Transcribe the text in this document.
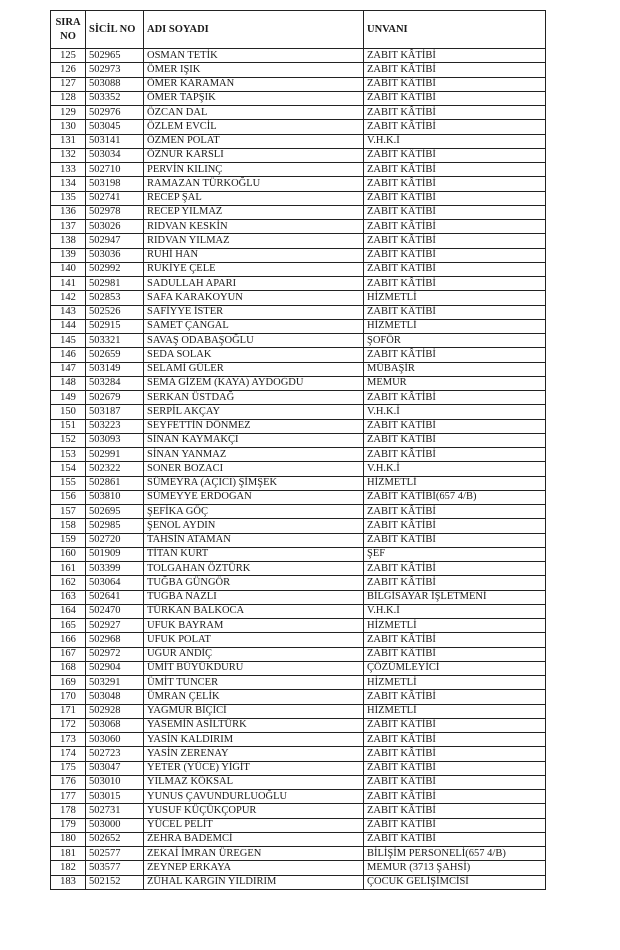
SIRA
NO	SİCİL NO	ADI SOYADI	UNVANI
125	502965	OSMAN TETİK	ZABIT KÂTİBİ
126	502973	ÖMER IŞIK	ZABIT KÂTİBİ
127	503088	ÖMER KARAMAN	ZABIT KÂTİBİ
128	503352	ÖMER TAPŞIK	ZABIT KÂTİBİ
129	502976	ÖZCAN DAL	ZABIT KÂTİBİ
130	503045	ÖZLEM EVCİL	ZABIT KÂTİBİ
131	503141	ÖZMEN POLAT	V.H.K.İ
132	503034	ÖZNUR KARSLI	ZABIT KÂTİBİ
133	502710	PERVİN KILINÇ	ZABIT KÂTİBİ
134	503198	RAMAZAN TÜRKOĞLU	ZABIT KÂTİBİ
135	502741	RECEP ŞAL	ZABIT KÂTİBİ
136	502978	RECEP YILMAZ	ZABIT KÂTİBİ
137	503026	RIDVAN KESKİN	ZABIT KÂTİBİ
138	502947	RIDVAN YILMAZ	ZABIT KÂTİBİ
139	503036	RUHİ HAN	ZABIT KÂTİBİ
140	502992	RUKİYE ÇELE	ZABIT KÂTİBİ
141	502981	SADULLAH APARI	ZABIT KÂTİBİ
142	502853	SAFA KARAKOYUN	HİZMETLİ
143	502526	SAFİYYE İSTER	ZABIT KÂTİBİ
144	502915	SAMET ÇANGAL	HİZMETLİ
145	503321	SAVAŞ ODABAŞOĞLU	ŞOFÖR
146	502659	SEDA SOLAK	ZABIT KÂTİBİ
147	503149	SELAMİ GÜLER	MÜBAŞİR
148	503284	SEMA GİZEM (KAYA) AYDOĞDU	MEMUR
149	502679	SERKAN ÜSTDAĞ	ZABIT KÂTİBİ
150	503187	SERPİL AKÇAY	V.H.K.İ
151	503223	SEYFETTİN DÖNMEZ	ZABIT KÂTİBİ
152	503093	SİNAN KAYMAKÇI	ZABIT KÂTİBİ
153	502991	SİNAN YANMAZ	ZABIT KÂTİBİ
154	502322	SONER BOZACI	V.H.K.İ
155	502861	SÜMEYRA (AÇICI) ŞİMŞEK	HİZMETLİ
156	503810	SÜMEYYE ERDOĞAN	ZABIT KÂTİBİ(657 4/B)
157	502695	ŞEFİKA GÖÇ	ZABIT KÂTİBİ
158	502985	ŞENOL AYDIN	ZABIT KÂTİBİ
159	502720	TAHSİN ATAMAN	ZABIT KÂTİBİ
160	501909	TİTAN KURT	ŞEF
161	503399	TOLGAHAN ÖZTÜRK	ZABIT KÂTİBİ
162	503064	TUĞBA GÜNGÖR	ZABIT KÂTİBİ
163	502641	TUĞBA NAZLI	BİLGİSAYAR İŞLETMENİ
164	502470	TÜRKAN BALKOCA	V.H.K.İ
165	502927	UFUK BAYRAM	HİZMETLİ
166	502968	UFUK POLAT	ZABIT KÂTİBİ
167	502972	UĞUR ANDİÇ	ZABIT KÂTİBİ
168	502904	ÜMİT BÜYÜKDURU	ÇÖZÜMLEYİCİ
169	503291	ÜMİT TUNCER	HİZMETLİ
170	503048	ÜMRAN ÇELİK	ZABIT KÂTİBİ
171	502928	YAĞMUR BİÇİCİ	HİZMETLİ
172	503068	YASEMİN ASİLTÜRK	ZABIT KÂTİBİ
173	503060	YASİN KALDIRIM	ZABIT KÂTİBİ
174	502723	YASİN ZERENAY	ZABIT KÂTİBİ
175	503047	YETER (YÜCE) YİĞİT	ZABIT KÂTİBİ
176	503010	YILMAZ KÖKSAL	ZABIT KÂTİBİ
177	503015	YUNUS ÇAVUNDURLUOĞLU	ZABIT KÂTİBİ
178	502731	YUSUF KÜÇÜKÇOPUR	ZABIT KÂTİBİ
179	503000	YÜCEL PELİT	ZABIT KÂTİBİ
180	502652	ZEHRA BADEMCİ	ZABIT KÂTİBİ
181	502577	ZEKAİ İMRAN ÜREGEN	BİLİŞİM PERSONELİ(657 4/B)
182	503577	ZEYNEP ERKAYA	MEMUR (3713 ŞAHSİ)
183	502152	ZÜHAL KARGIN YILDIRIM	ÇOCUK GELİŞİMCİSİ
